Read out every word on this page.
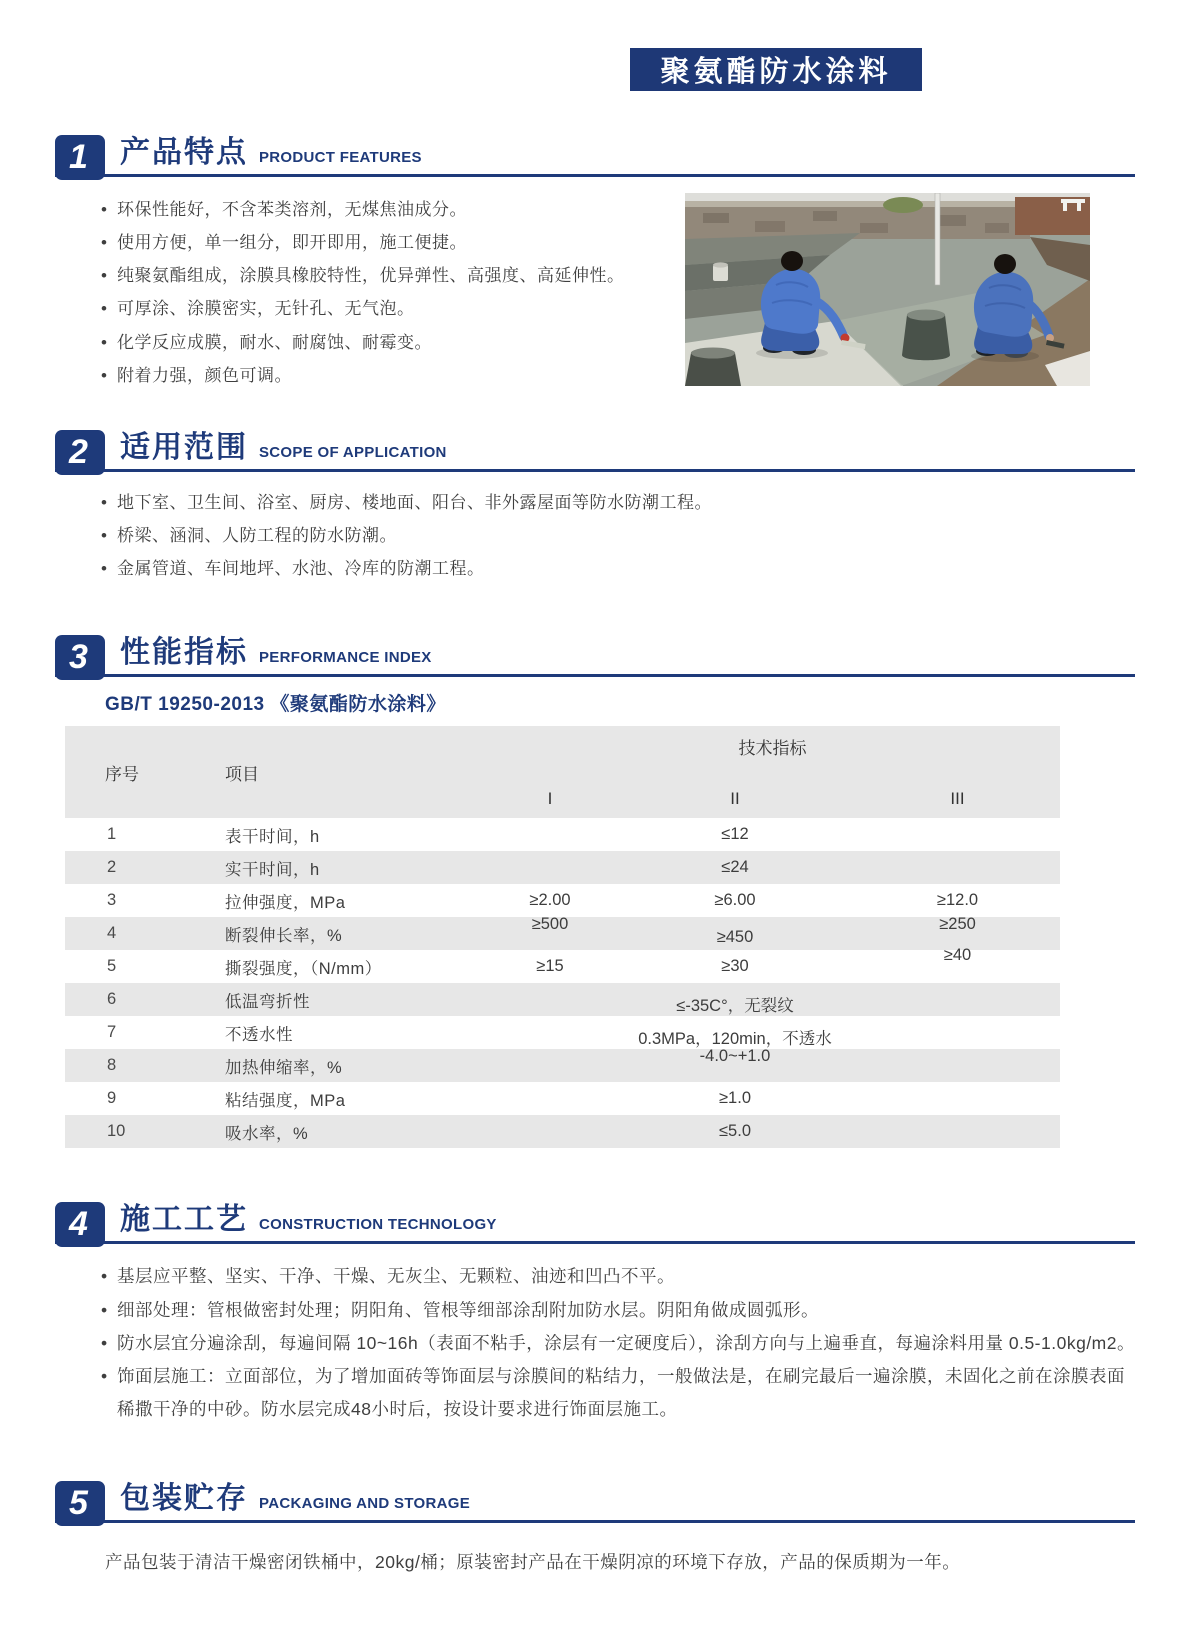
聚氨酯防水涂料
1	产品特点 PRODUCT FEATURES
• 环保性能好，不含苯类溶剂，无煤焦油成分。
• 使用方便，单一组分，即开即用，施工便捷。
• 纯聚氨酯组成，涂膜具橡胶特性，优异弹性、高强度、高延伸性。
• 可厚涂、涂膜密实，无针孔、无气泡。
• 化学反应成膜，耐水、耐腐蚀、耐霉变。
• 附着力强，颜色可调。
2	适用范围 SCOPE OF APPLICATION
• 地下室、卫生间、浴室、厨房、楼地面、阳台、非外露屋面等防水防潮工程。
• 桥梁、涵洞、人防工程的防水防潮。
• 金属管道、车间地坪、水池、冷库的防潮工程。
3	性能指标 PERFORMANCE INDEX
GB/T 19250-2013 《聚氨酯防水涂料》
序号	项目	技术指标		

		I	II	III
1	表干时间，h		≤12	
2	实干时间，h		≤24	
3	拉伸强度，MPa	≥2.00	≥6.00	≥12.0
4	断裂伸长率，%	≥500	≥450	≥250
5	撕裂强度，（N/mm）	≥15	≥30	≥40
6	低温弯折性		≤-35C°，无裂纹	
7	不透水性		0.3MPa，120min，不透水	
8	加热伸缩率，%		-4.0~+1.0	
9	粘结强度，MPa		≥1.0	
10	吸水率，%		≤5.0	
4	施工工艺 CONSTRUCTION TECHNOLOGY
• 基层应平整、坚实、干净、干燥、无灰尘、无颗粒、油迹和凹凸不平。
• 细部处理：管根做密封处理；阴阳角、管根等细部涂刮附加防水层。阴阳角做成圆弧形。
• 防水层宜分遍涂刮，每遍间隔 10~16h（表面不粘手，涂层有一定硬度后），涂刮方向与上遍垂直，每遍涂料用量 0.5-1.0kg/m2。
• 饰面层施工：立面部位，为了增加面砖等饰面层与涂膜间的粘结力，一般做法是，在刷完最后一遍涂膜，未固化之前在涂膜表面稀撒干净的中砂。防水层完成48小时后，按设计要求进行饰面层施工。
5	包装贮存 PACKAGING AND STORAGE
产品包装于清洁干燥密闭铁桶中，20kg/桶；原装密封产品在干燥阴凉的环境下存放，产品的保质期为一年。
